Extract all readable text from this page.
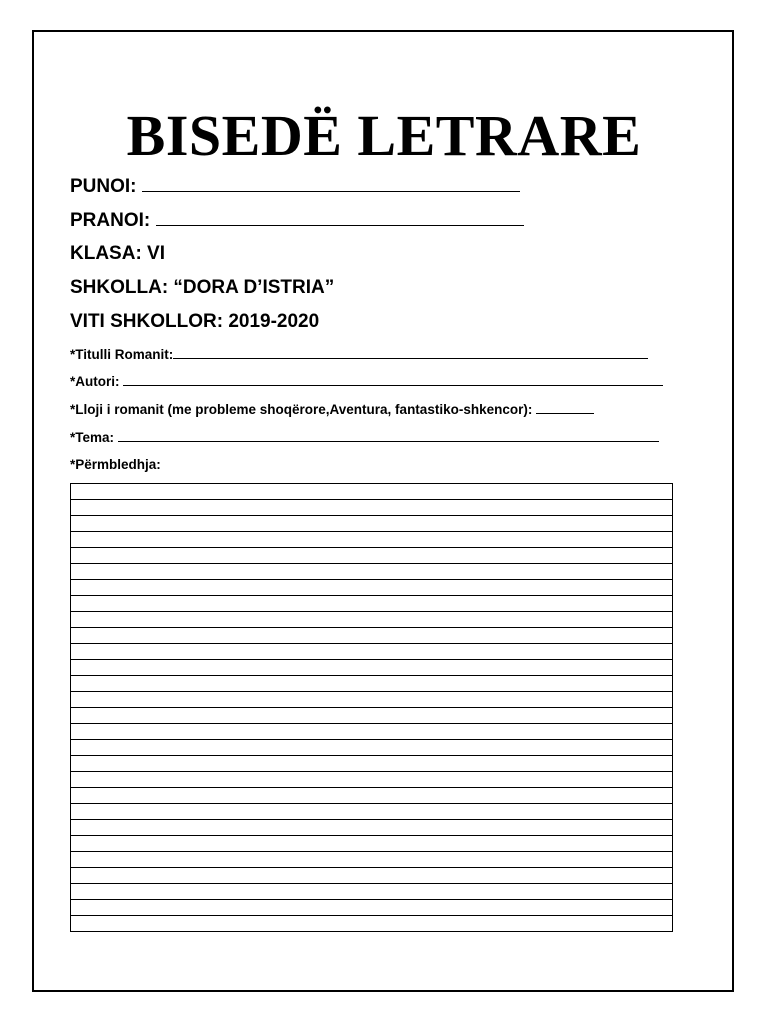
BISEDË LETRARE
PUNOI:
PRANOI:
KLASA: VI
SHKOLLA: “DORA D’ISTRIA”
VITI SHKOLLOR: 2019-2020
*Titulli Romanit:
*Autori:
*Lloji i romanit (me probleme shoqërore,Aventura, fantastiko-shkencor):
*Tema:
*Përmbledhja:
